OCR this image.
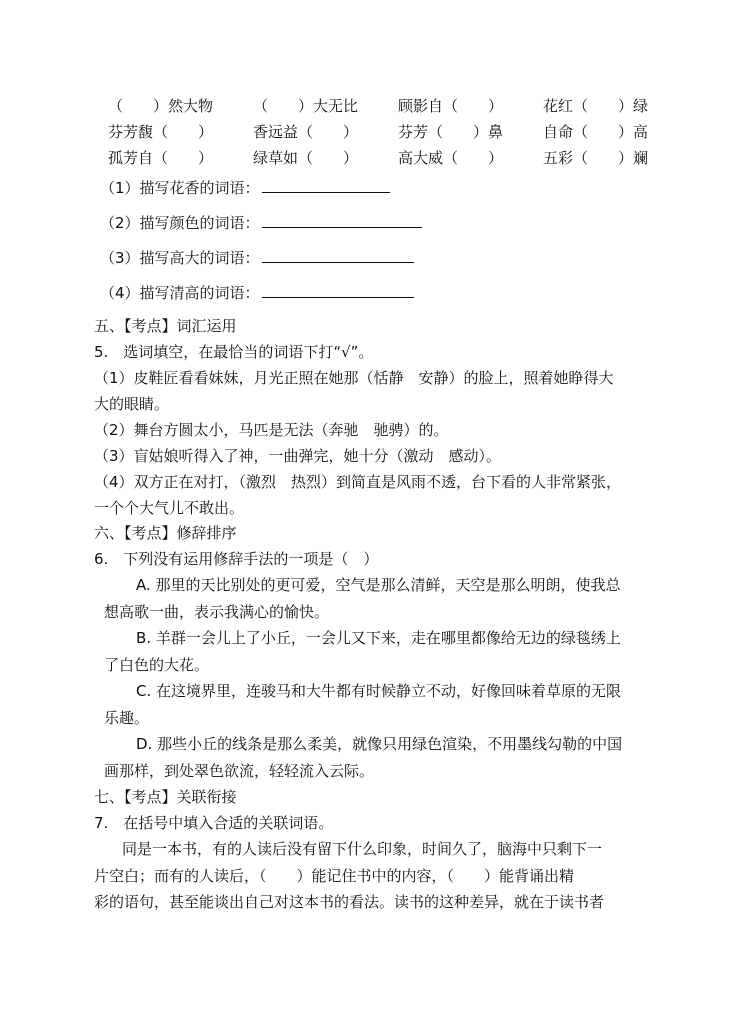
（　　）然大物	（　　）大无比	顾影自（　　）	花红（　　）绿
芬芳馥（　　）	香远益（　　）	芬芳（　　）鼻	自命（　　）高
孤芳自（　　）	绿草如（　　）	高大威（　　）	五彩（　　）斓
（1）描写花香的词语：
（2）描写颜色的词语：
（3）描写高大的词语：
（4）描写清高的词语：
五、【考点】词汇运用
5.　选词填空，在最恰当的词语下打“√”。
（1）皮鞋匠看看妹妹，月光正照在她那（恬静　安静）的脸上，照着她睁得大
大的眼睛。
（2）舞台方圆太小，马匹是无法（奔驰　驰骋）的。
（3）盲姑娘听得入了神，一曲弹完，她十分（激动　感动）。
（4）双方正在对打，（激烈　热烈）到简直是风雨不透，台下看的人非常紧张，
一个个大气儿不敢出。
六、【考点】修辞排序
6.　下列没有运用修辞手法的一项是（　）
A. 那里的天比别处的更可爱，空气是那么清鲜，天空是那么明朗，使我总
想高歌一曲，表示我满心的愉快。
B. 羊群一会儿上了小丘，一会儿又下来，走在哪里都像给无边的绿毯绣上
了白色的大花。
C. 在这境界里，连骏马和大牛都有时候静立不动，好像回味着草原的无限
乐趣。
D. 那些小丘的线条是那么柔美，就像只用绿色渲染，不用墨线勾勒的中国
画那样，到处翠色欲流，轻轻流入云际。
七、【考点】关联衔接
7.　在括号中填入合适的关联词语。
同是一本书，有的人读后没有留下什么印象，时间久了，脑海中只剩下一
片空白；而有的人读后，（　　）能记住书中的内容，（　　）能背诵出精
彩的语句，甚至能谈出自己对这本书的看法。读书的这种差异，就在于读书者
